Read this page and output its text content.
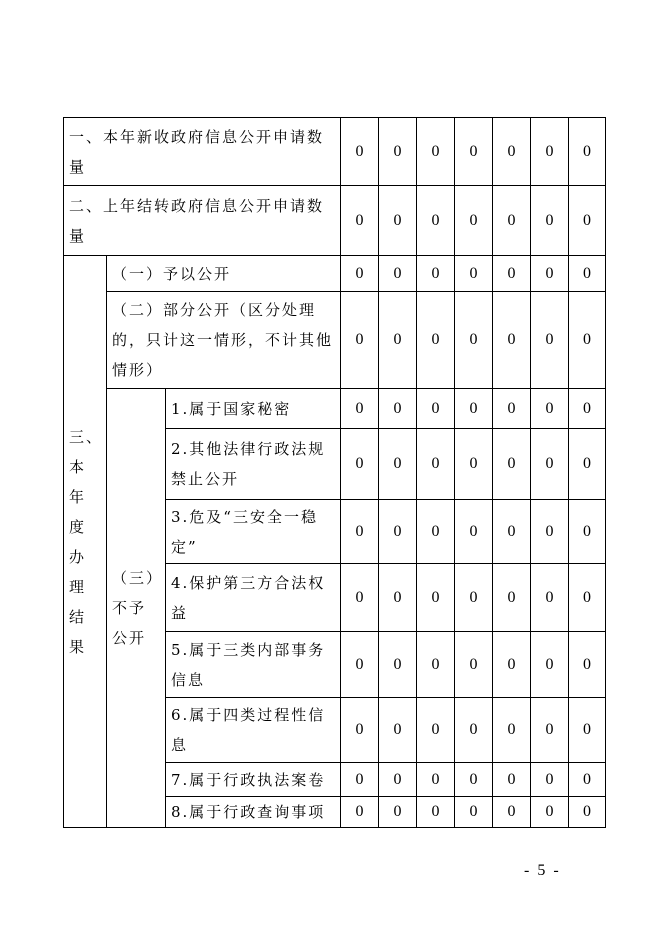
一、本年新收政府信息公开申请数量			0	0	0	0	0	0	0
二、上年结转政府信息公开申请数量			0	0	0	0	0	0	0

三、本年度办理结果	（一）予以公开		0	0	0	0	0	0	0
	（二）部分公开（区分处理的，只计这一情形，不计其他情形）		0	0	0	0	0	0	0
	（三）不予公开	1.属于国家秘密	0	0	0	0	0	0	0
		2.其他法律行政法规禁止公开	0	0	0	0	0	0	0
		3.危及“三安全一稳定”	0	0	0	0	0	0	0
		4.保护第三方合法权益	0	0	0	0	0	0	0
		5.属于三类内部事务信息	0	0	0	0	0	0	0
		6.属于四类过程性信息	0	0	0	0	0	0	0
		7.属于行政执法案卷	0	0	0	0	0	0	0
		8.属于行政查询事项	0	0	0	0	0	0	0
- 5 -
